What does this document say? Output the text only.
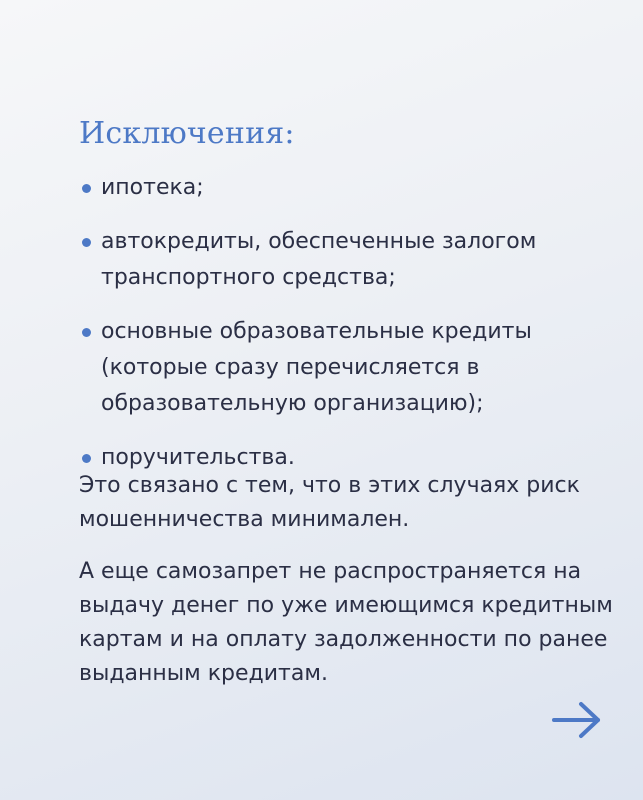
Исключения:
ипотека;
автокредиты, обеспеченные залогом транспортного средства;
основные образовательные кредиты (которые сразу перечисляется в образовательную организацию);
поручительства.

Это связано с тем, что в этих случаях риск мошенничества минимален.

А еще самозапрет не распространяется на выдачу денег по уже имеющимся кредитным картам и на оплату задолженности по ранее выданным кредитам.
